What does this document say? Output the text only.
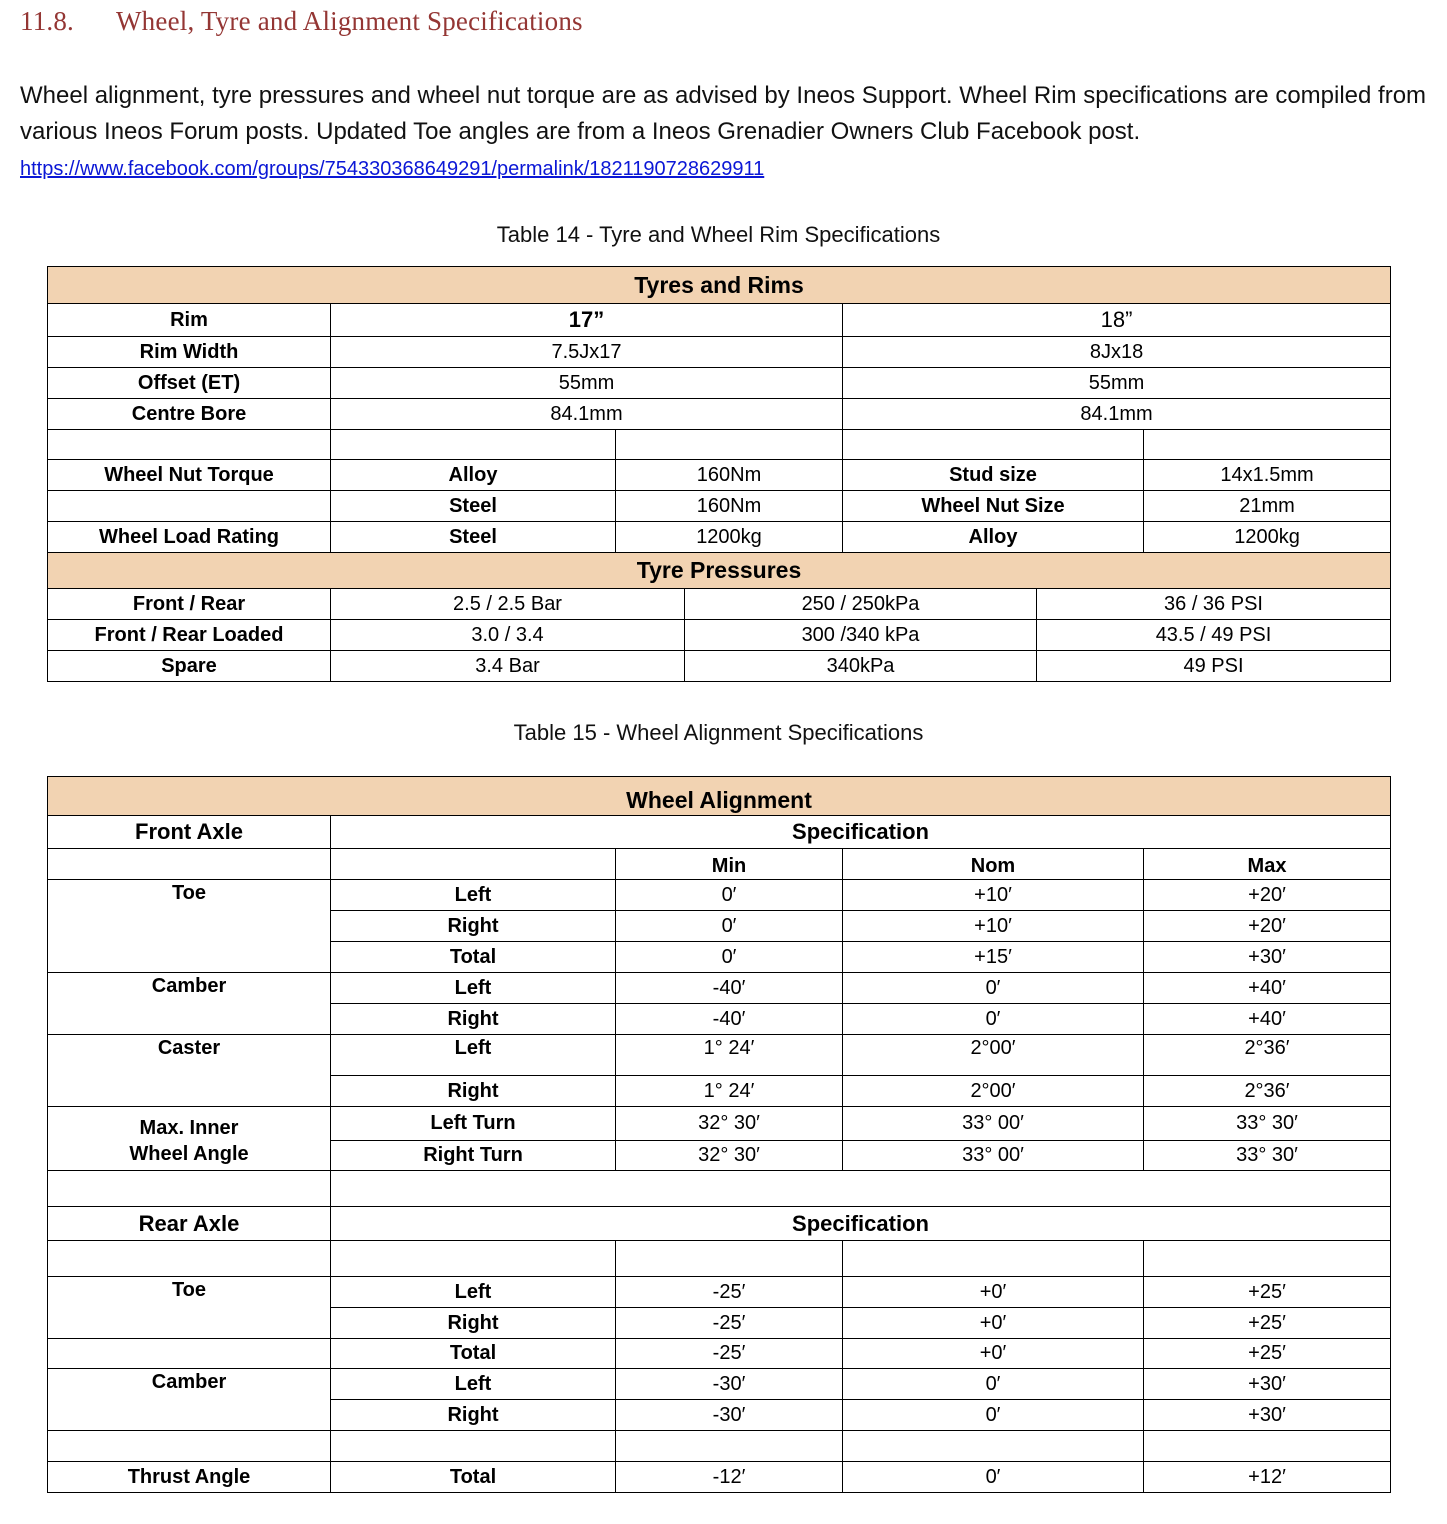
11.8. Wheel, Tyre and Alignment Specifications
Wheel alignment, tyre pressures and wheel nut torque are as advised by Ineos Support. Wheel Rim specifications are compiled from various Ineos Forum posts. Updated Toe angles are from a Ineos Grenadier Owners Club Facebook post. https://www.facebook.com/groups/754330368649291/permalink/1821190728629911
Table 14 - Tyre and Wheel Rim Specifications
Tyres and Rims				
Rim	17”		18”	
Rim Width	7.5Jx17		8Jx18	
Offset (ET)	55mm		55mm	
Centre Bore	84.1mm		84.1mm	

Wheel Nut Torque	Alloy	160Nm	Stud size	14x1.5mm
	Steel	160Nm	Wheel Nut Size	21mm
Wheel Load Rating	Steel	1200kg	Alloy	1200kg
Tyre Pressures			
Front / Rear	2.5 / 2.5 Bar	250 / 250kPa	36 / 36 PSI
Front / Rear Loaded	3.0 / 3.4	300 /340 kPa	43.5 / 49 PSI
Spare	3.4 Bar	340kPa	49 PSI
Table 15 - Wheel Alignment Specifications
Wheel Alignment				
Front Axle	Specification			
		Min	Nom	Max
Toe	Left	0′	+10′	+20′
	Right	0′	+10′	+20′
	Total	0′	+15′	+30′
Camber	Left	-40′	0′	+40′
	Right	-40′	0′	+40′
Caster	Left	1° 24′	2°00′	2°36′
	Right	1° 24′	2°00′	2°36′
Max. Inner	Left Turn	32° 30′	33° 00′	33° 30′
Wheel Angle	Right Turn	32° 30′	33° 00′	33° 30′

Rear Axle	Specification			

Toe	Left	-25′	+0′	+25′
	Right	-25′	+0′	+25′
	Total	-25′	+0′	+25′
Camber	Left	-30′	0′	+30′
	Right	-30′	0′	+30′

Thrust Angle	Total	-12′	0′	+12′
